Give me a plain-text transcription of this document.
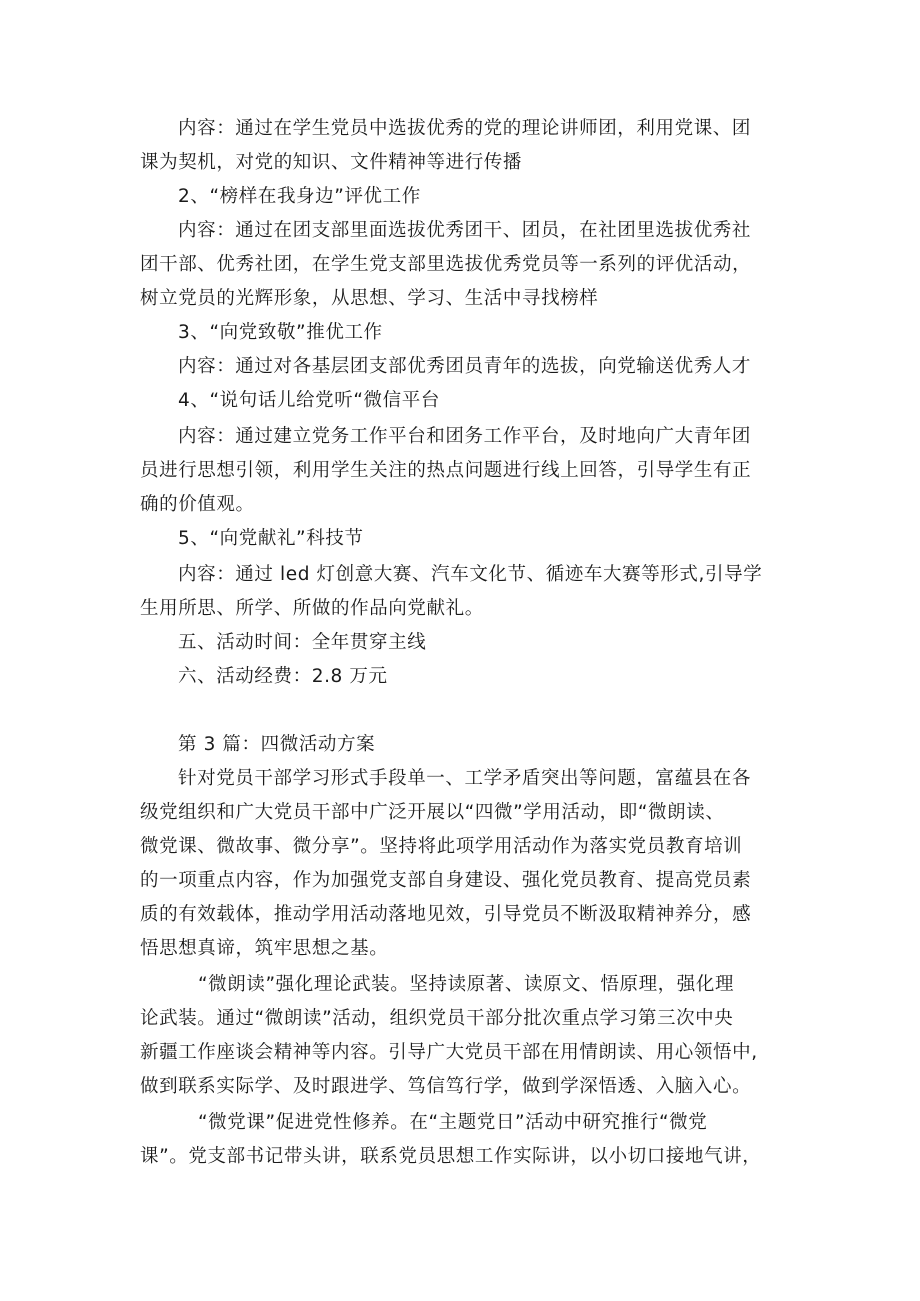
内容：通过在学生党员中选拔优秀的党的理论讲师团，利用党课、团
课为契机，对党的知识、文件精神等进行传播
2、“榜样在我身边”评优工作
内容：通过在团支部里面选拔优秀团干、团员，在社团里选拔优秀社
团干部、优秀社团，在学生党支部里选拔优秀党员等一系列的评优活动，
树立党员的光辉形象，从思想、学习、生活中寻找榜样
3、“向党致敬”推优工作
内容：通过对各基层团支部优秀团员青年的选拔，向党输送优秀人才
4、“说句话儿给党听“微信平台
内容：通过建立党务工作平台和团务工作平台，及时地向广大青年团
员进行思想引领，利用学生关注的热点问题进行线上回答，引导学生有正
确的价值观。
5、“向党献礼”科技节
内容：通过 led 灯创意大赛、汽车文化节、循迹车大赛等形式,引导学
生用所思、所学、所做的作品向党献礼。
五、活动时间：全年贯穿主线
六、活动经费：2.8 万元
第 3 篇：四微活动方案
针对党员干部学习形式手段单一、工学矛盾突出等问题，富蕴县在各
级党组织和广大党员干部中广泛开展以“四微”学用活动，即“微朗读、
微党课、微故事、微分享”。坚持将此项学用活动作为落实党员教育培训
的一项重点内容，作为加强党支部自身建设、强化党员教育、提高党员素
质的有效载体，推动学用活动落地见效，引导党员不断汲取精神养分，感
悟思想真谛，筑牢思想之基。
“微朗读”强化理论武装。坚持读原著、读原文、悟原理，强化理
论武装。通过“微朗读”活动，组织党员干部分批次重点学习第三次中央
新疆工作座谈会精神等内容。引导广大党员干部在用情朗读、用心领悟中,
做到联系实际学、及时跟进学、笃信笃行学，做到学深悟透、入脑入心。
“微党课”促进党性修养。在“主题党日”活动中研究推行“微党
课”。党支部书记带头讲，联系党员思想工作实际讲，以小切口接地气讲，
